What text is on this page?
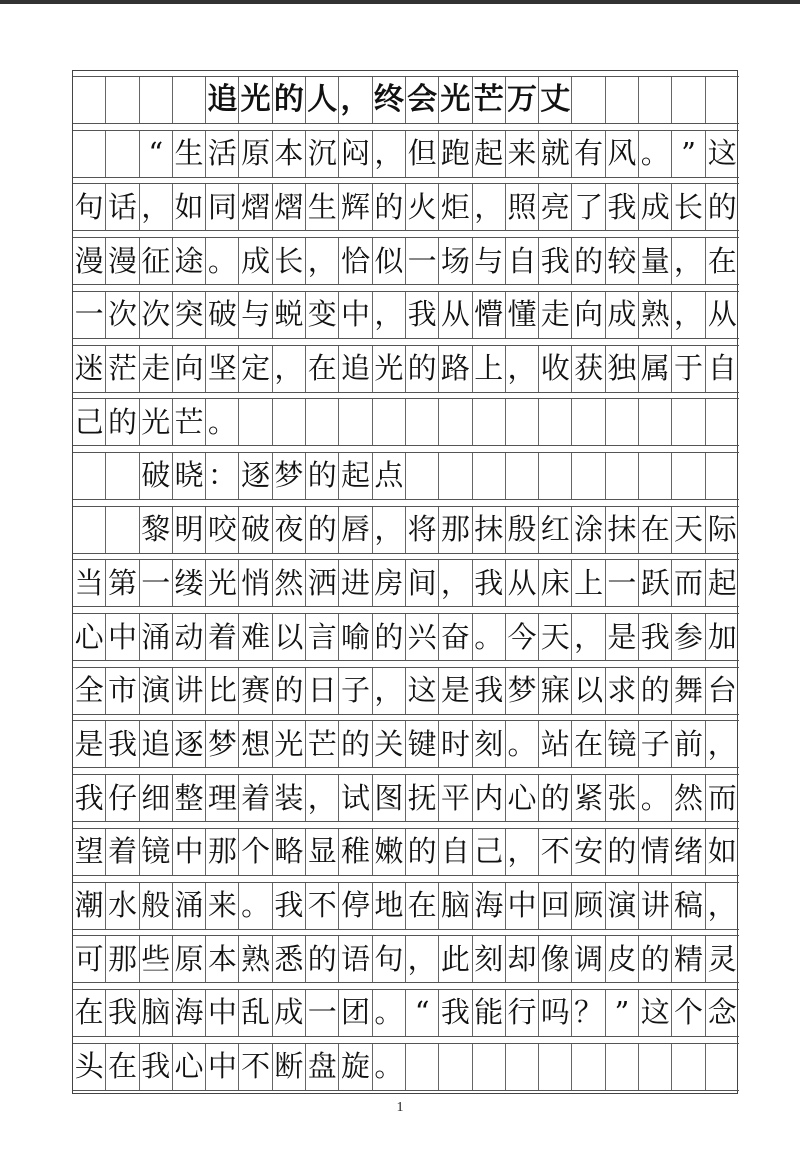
追 光 的 人 ， 终 会 光 芒 万 丈
“ 生 活 原 本 沉 闷 ， 但 跑 起 来 就 有 风 。 ” 这
句 话 ， 如 同 熠 熠 生 辉 的 火 炬 ， 照 亮 了 我 成 长 的
漫 漫 征 途 。 成 长 ， 恰 似 一 场 与 自 我 的 较 量 ， 在
一 次 次 突 破 与 蜕 变 中 ， 我 从 懵 懂 走 向 成 熟 ， 从
迷 茫 走 向 坚 定 ， 在 追 光 的 路 上 ， 收 获 独 属 于 自
己 的 光 芒 。
破 晓 ： 逐 梦 的 起 点
黎 明 咬 破 夜 的 唇 ， 将 那 抹 殷 红 涂 抹 在 天 际
当 第 一 缕 光 悄 然 洒 进 房 间 ， 我 从 床 上 一 跃 而 起
心 中 涌 动 着 难 以 言 喻 的 兴 奋 。 今 天 ， 是 我 参 加
全 市 演 讲 比 赛 的 日 子 ， 这 是 我 梦 寐 以 求 的 舞 台
是 我 追 逐 梦 想 光 芒 的 关 键 时 刻 。 站 在 镜 子 前 ，
我 仔 细 整 理 着 装 ， 试 图 抚 平 内 心 的 紧 张 。 然 而
望 着 镜 中 那 个 略 显 稚 嫩 的 自 己 ， 不 安 的 情 绪 如
潮 水 般 涌 来 。 我 不 停 地 在 脑 海 中 回 顾 演 讲 稿 ，
可 那 些 原 本 熟 悉 的 语 句 ， 此 刻 却 像 调 皮 的 精 灵
在 我 脑 海 中 乱 成 一 团 。 “ 我 能 行 吗 ？ ” 这 个 念
头 在 我 心 中 不 断 盘 旋 。
1
